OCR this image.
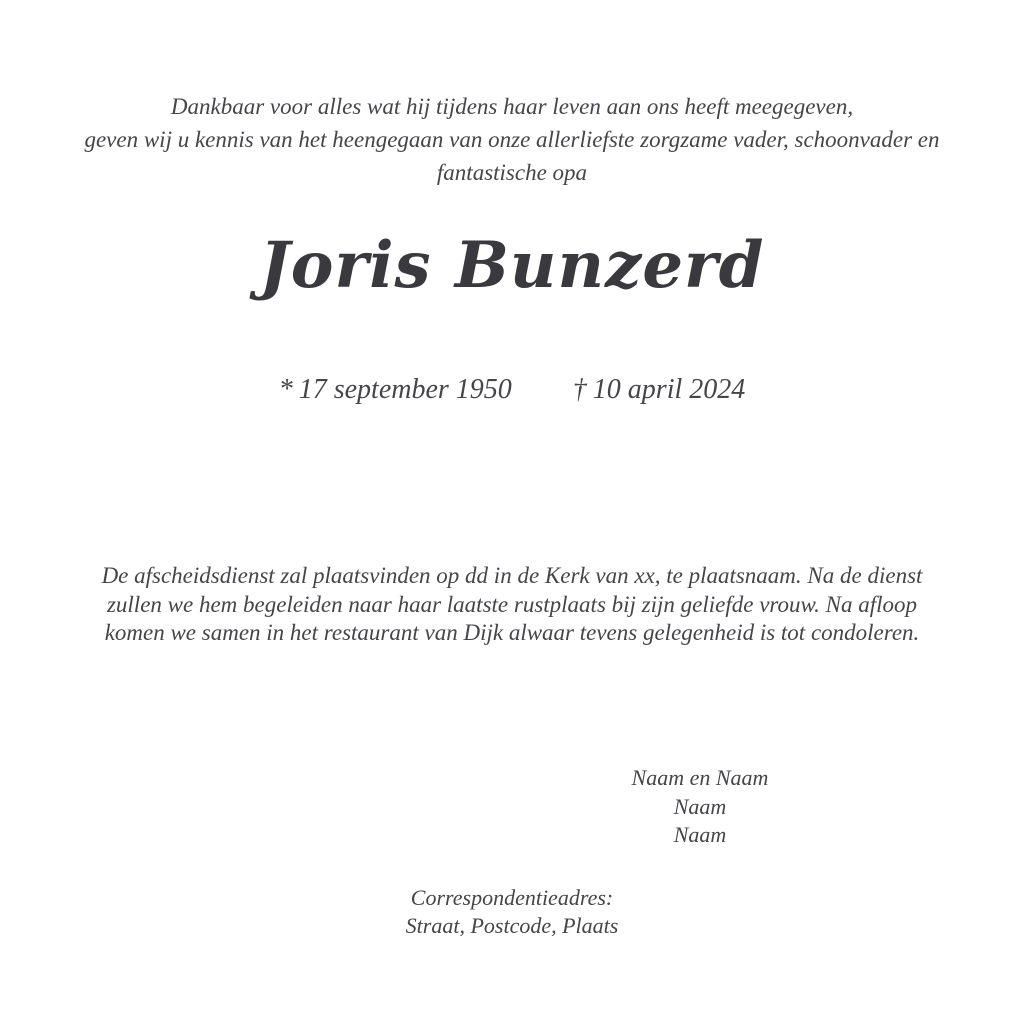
Dankbaar voor alles wat hij tijdens haar leven aan ons heeft meegegeven,
geven wij u kennis van het heengegaan van onze allerliefste zorgzame vader, schoonvader en
fantastische opa
Joris Bunzerd
* 17 september 1950 † 10 april 2024
De afscheidsdienst zal plaatsvinden op dd in de Kerk van xx, te plaatsnaam. Na de dienst
zullen we hem begeleiden naar haar laatste rustplaats bij zijn geliefde vrouw. Na afloop
komen we samen in het restaurant van Dijk alwaar tevens gelegenheid is tot condoleren.
Naam en Naam
Naam
Naam
Correspondentieadres:
Straat, Postcode, Plaats
